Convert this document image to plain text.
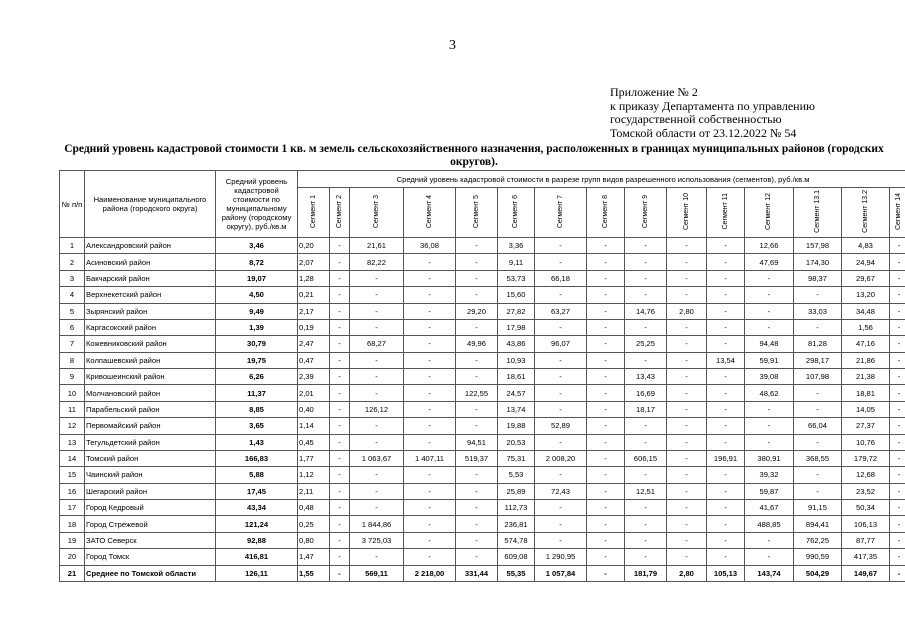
3
Приложение № 2
к приказу Департамента по управлению
государственной собственностью
Томской области от 23.12.2022 № 54
Средний уровень кадастровой стоимости 1 кв. м земель сельскохозяйственного назначения, расположенных в границах муниципальных районов (городских округов).
№ п/п	Наименование муниципального района (городского округа)	Средний уровень кадастровой стоимости по муниципальному району (городскому округу), руб./кв.м	Средний уровень кадастровой стоимости в разрезе групп видов разрешенного использования (сегментов), руб./кв.м														
			Сегмент 1	Сегмент 2	Сегмент 3	Сегмент 4	Сегмент 5	Сегмент 6	Сегмент 7	Сегмент 8	Сегмент 9	Сегмент 10	Сегмент 11	Сегмент 12	Сегмент 13.1	Сегмент 13.2	Сегмент 14
1	Александровский район	3,46	0,20	-	21,61	36,08	-	3,36	-	-	-	-	-	12,66	157,98	4,83	-
2	Асиновский район	8,72	2,07	-	82,22	-	-	9,11	-	-	-	-	-	47,69	174,30	24,94	-
3	Бакчарский район	19,07	1,28	-	-	-	-	53,73	66,18	-	-	-	-	-	98,37	29,67	-
4	Верхнекетский район	4,50	0,21	-	-	-	-	15,60	-	-	-	-	-	-	-	13,20	-
5	Зырянский район	9,49	2,17	-	-	-	29,20	27,82	63,27	-	14,76	2,80	-	-	33,03	34,48	-
6	Каргасокский район	1,39	0,19	-	-	-	-	17,98	-	-	-	-	-	-	-	1,56	-
7	Кожевниковский район	30,79	2,47	-	68,27	-	49,96	43,86	96,07	-	25,25	-	-	94,48	81,28	47,16	-
8	Колпашевский район	19,75	0,47	-	-	-	-	10,93	-	-	-	-	13,54	59,91	298,17	21,86	-
9	Кривошеинский район	6,26	2,39	-	-	-	-	18,61	-	-	13,43	-	-	39,08	107,98	21,38	-
10	Молчановский район	11,37	2,01	-	-	-	122,55	24,57	-	-	16,69	-	-	48,62	-	18,81	-
11	Парабельский район	8,85	0,40	-	126,12	-	-	13,74	-	-	18,17	-	-	-	-	14,05	-
12	Первомайский район	3,65	1,14	-	-	-	-	19,88	52,89	-	-	-	-	-	66,04	27,37	-
13	Тегульдетский район	1,43	0,45	-	-	-	94,51	20,53	-	-	-	-	-	-	-	10,76	-
14	Томский район	166,83	1,77	-	1 063,67	1 407,11	519,37	75,31	2 008,20	-	606,15	-	196,91	380,91	368,55	179,72	-
15	Чаинский район	5,88	1,12	-	-	-	-	5,53	-	-	-	-	-	39,32	-	12,68	-
16	Шегарский район	17,45	2,11	-	-	-	-	25,89	72,43	-	12,51	-	-	59,87	-	23,52	-
17	Город Кедровый	43,34	0,48	-	-	-	-	112,73	-	-	-	-	-	41,67	91,15	50,34	-
18	Город Стрежевой	121,24	0,25	-	1 844,86	-	-	236,81	-	-	-	-	-	488,85	894,41	106,13	-
19	ЗАТО Северск	92,88	0,80	-	3 725,03	-	-	574,78	-	-	-	-	-	-	762,25	87,77	-
20	Город Томск	416,81	1,47	-	-	-	-	609,08	1 290,95	-	-	-	-	-	990,59	417,35	-
21	Среднее по Томской области	126,11	1,55	-	569,11	2 218,00	331,44	55,35	1 057,84	-	181,79	2,80	105,13	143,74	504,29	149,67	-
